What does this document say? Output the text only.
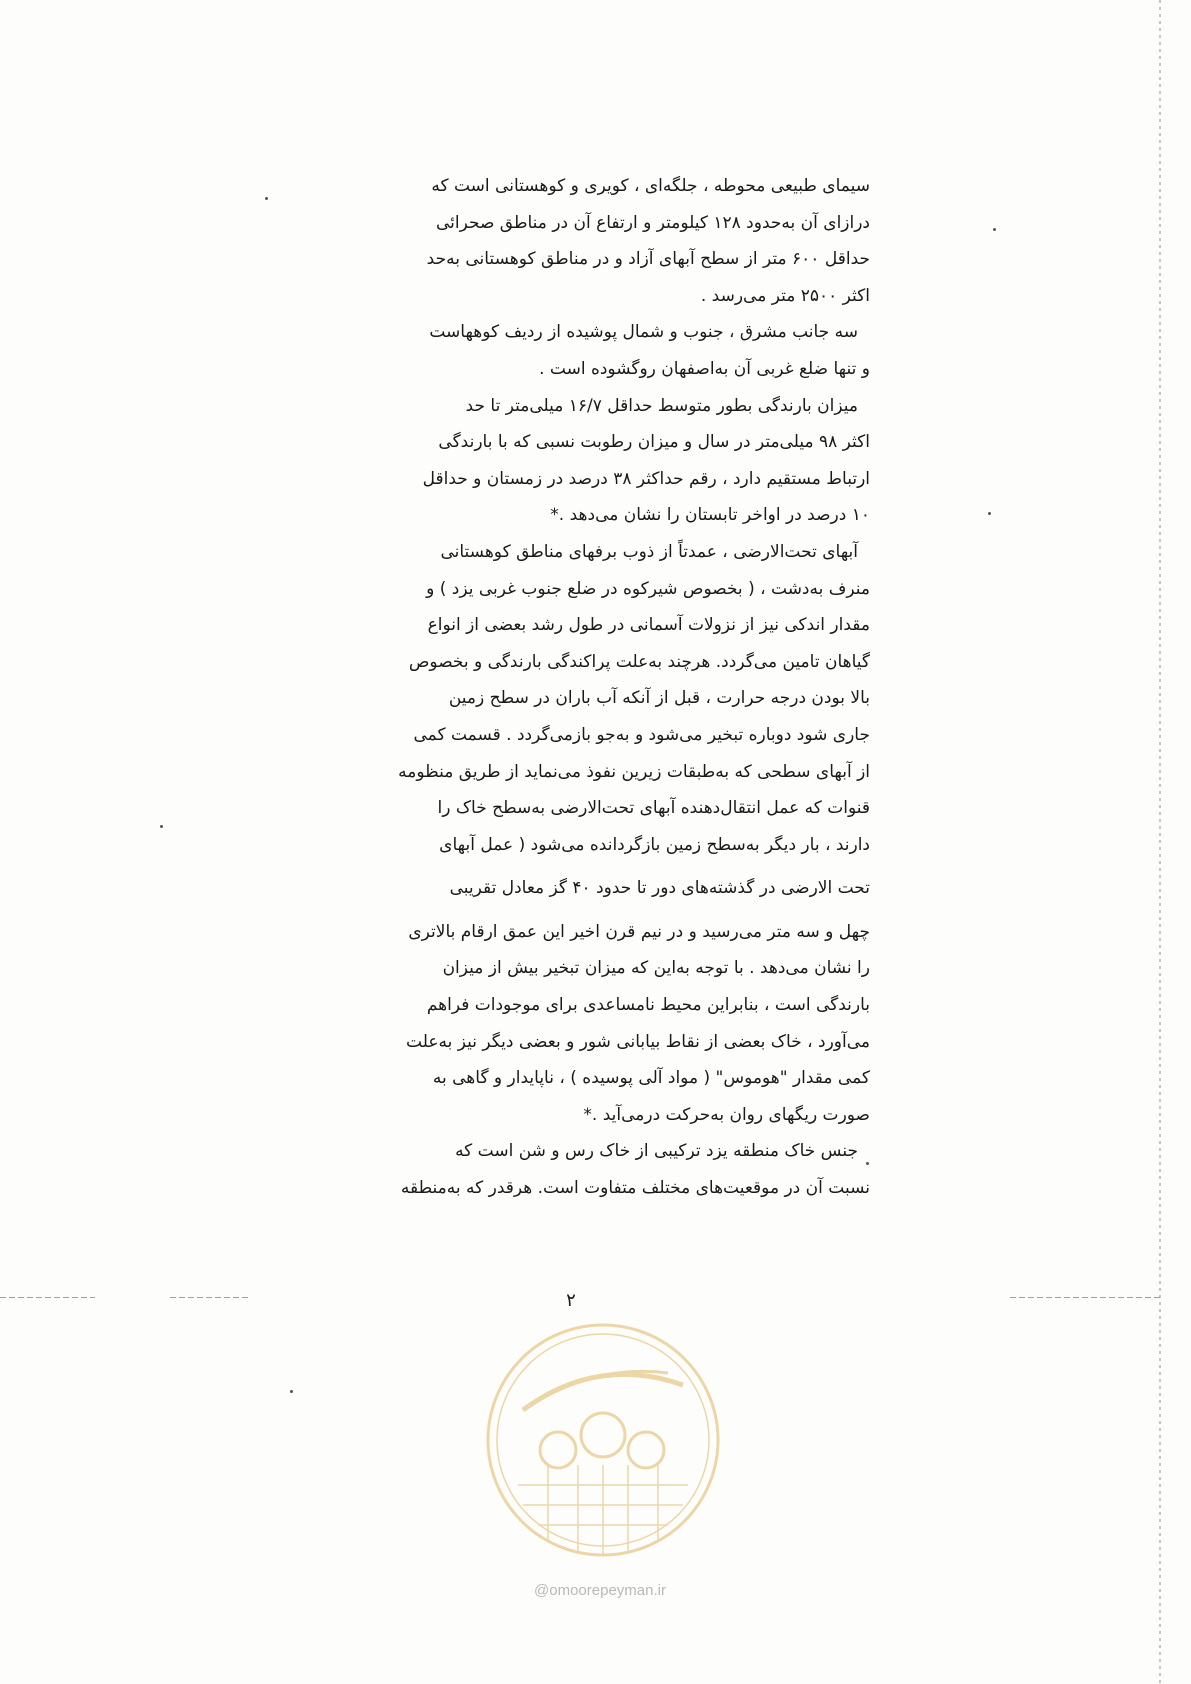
سیمای طبیعی محوطه ، جلگه‌ای ، کویری و کوهستانی است که

درازای آن به‌حدود ۱۲۸ کیلومتر و ارتفاع آن در مناطق صحرائی

حداقل ۶۰۰ متر از سطح آبهای آزاد و در مناطق کوهستانی به‌حد

اکثر ۲۵۰۰ متر می‌رسد .

سه جانب مشرق ، جنوب و شمال پوشیده از ردیف کوههاست

و تنها ضلع غربی آن به‌اصفهان روگشوده است .

میزان بارندگی بطور متوسط حداقل ۱۶/۷ میلی‌متر تا حد

اکثر ۹۸ میلی‌متر در سال و میزان رطوبت نسبی که با بارندگی

ارتباط مستقیم دارد ، رقم حداکثر ۳۸ درصد در زمستان و حداقل

۱۰ درصد در اواخر تابستان را نشان می‌دهد .*

آبهای تحت‌الارضی ، عمدتاً از ذوب برفهای مناطق کوهستانی

منرف به‌دشت ، ( بخصوص شیرکوه در ضلع جنوب غربی یزد ) و

مقدار اندکی نیز از نزولات آسمانی در طول رشد بعضی از انواع

گیاهان تامین می‌گردد. هرچند به‌علت پراکندگی بارندگی و بخصوص

بالا بودن درجه حرارت ، قبل از آنکه آب باران در سطح زمین

جاری شود دوباره تبخیر می‌شود و به‌جو بازمی‌گردد . قسمت کمی

از آبهای سطحی که به‌طبقات زیرین نفوذ می‌نماید از طریق منظومه

قنوات که عمل انتقال‌دهنده آبهای تحت‌الارضی به‌سطح خاک را

دارند ، بار دیگر به‌سطح زمین بازگردانده می‌شود ( عمل آبهای

تحت الارضی در گذشته‌های دور تا حدود ۴۰ گز معادل تقریبی

چهل و سه متر می‌رسید و در نیم قرن اخیر این عمق ارقام بالاتری

را نشان می‌دهد . با توجه به‌این که میزان تبخیر بیش از میزان

بارندگی است ، بنابراین محیط نامساعدی برای موجودات فراهم

می‌آورد ، خاک بعضی از نقاط بیابانی شور و بعضی دیگر نیز به‌علت

کمی مقدار "هوموس" ( مواد آلی پوسیده ) ، ناپایدار و گاهی به

صورت ریگهای روان به‌حرکت درمی‌آید .*

جنس خاک منطقه یزد ترکیبی از خاک رس و شن است که

نسبت آن در موقعیت‌های مختلف متفاوت است. هرقدر که به‌منطقه

۲
@omoorepeyman.ir
